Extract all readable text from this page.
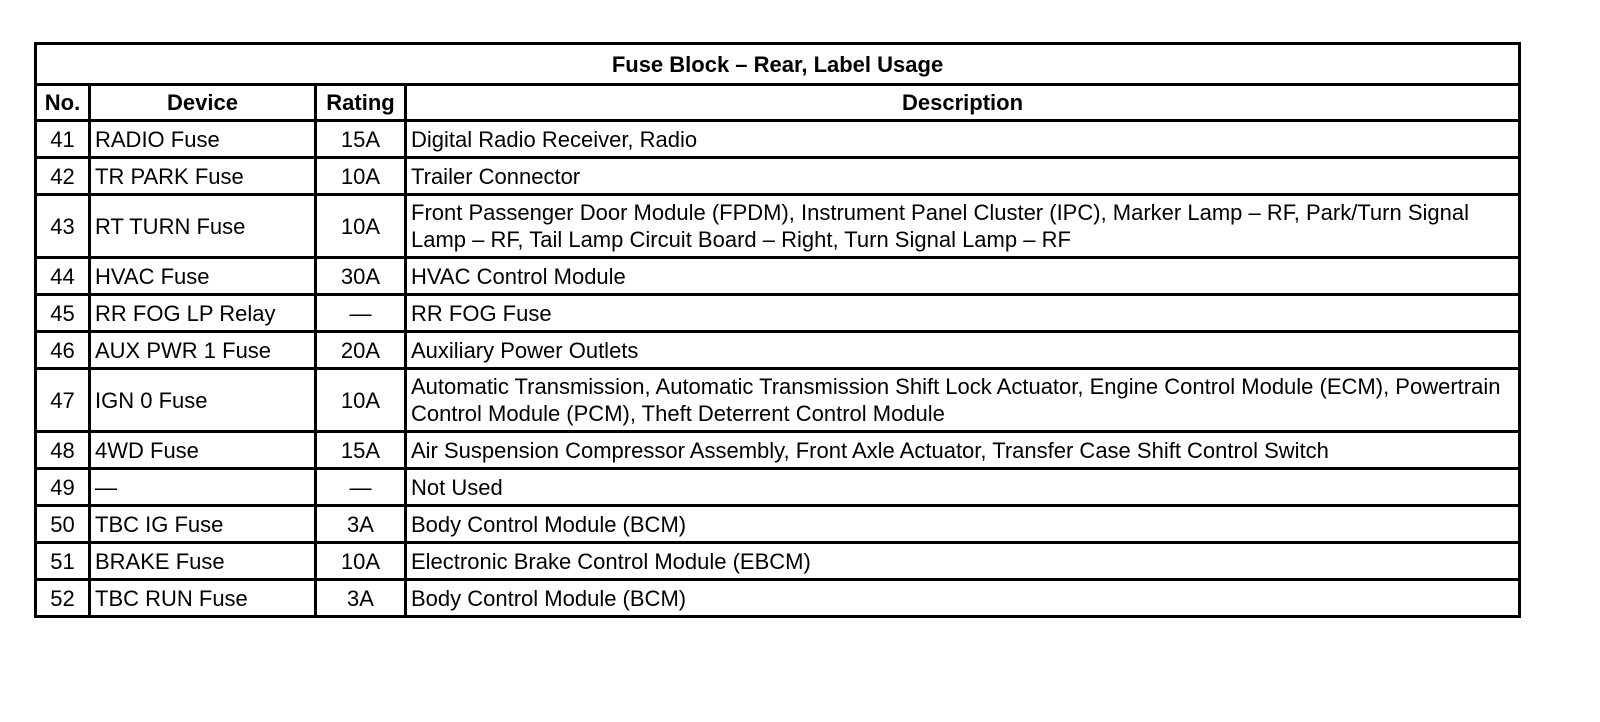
Fuse Block – Rear, Label Usage			
No.	Device	Rating	Description
41	RADIO Fuse	15A	Digital Radio Receiver, Radio
42	TR PARK Fuse	10A	Trailer Connector
43	RT TURN Fuse	10A	Front Passenger Door Module (FPDM), Instrument Panel Cluster (IPC), Marker Lamp – RF, Park/Turn Signal Lamp – RF, Tail Lamp Circuit Board – Right, Turn Signal Lamp – RF
44	HVAC Fuse	30A	HVAC Control Module
45	RR FOG LP Relay	—	RR FOG Fuse
46	AUX PWR 1 Fuse	20A	Auxiliary Power Outlets
47	IGN 0 Fuse	10A	Automatic Transmission, Automatic Transmission Shift Lock Actuator, Engine Control Module (ECM), Powertrain Control Module (PCM), Theft Deterrent Control Module
48	4WD Fuse	15A	Air Suspension Compressor Assembly, Front Axle Actuator, Transfer Case Shift Control Switch
49	—	—	Not Used
50	TBC IG Fuse	3A	Body Control Module (BCM)
51	BRAKE Fuse	10A	Electronic Brake Control Module (EBCM)
52	TBC RUN Fuse	3A	Body Control Module (BCM)
